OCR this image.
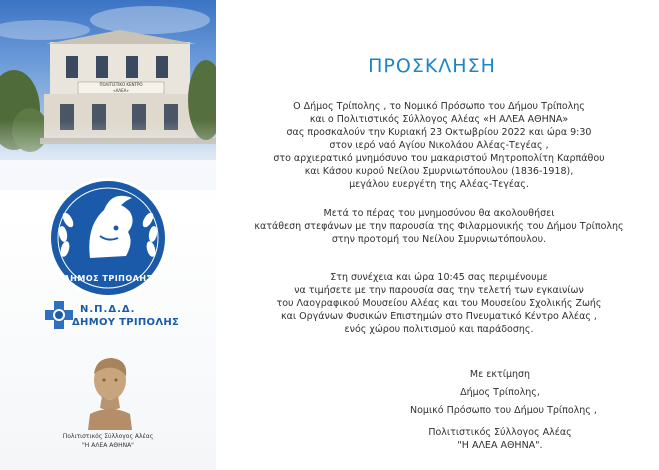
ΠΟΛΙΤΙΣΤΙΚΟ ΚΕΝΤΡΟ
«ΑΛΕΑ»
ΔΗΜΟΣ ΤΡΙΠΟΛΗΣ
Ν.Π.Δ.Δ.
ΔΗΜΟΥ ΤΡΙΠΟΛΗΣ
Πολιτιστικός Σύλλογος Αλέας
"Η ΑΛΕΑ ΑΘΗΝΑ"
ΠΡΟΣΚΛΗΣΗ
Ο Δήμος Τρίπολης , το Νομικό Πρόσωπο του Δήμου Τρίπολης
και ο Πολιτιστικός Σύλλογος Αλέας «Η ΑΛΕΑ ΑΘΗΝΑ»
σας προσκαλούν την Κυριακή 23 Οκτωβρίου 2022 και ώρα 9:30
στον ιερό ναό Αγίου Νικολάου Αλέας-Τεγέας ,
στο αρχιερατικό μνημόσυνο του μακαριστού Μητροπολίτη Καρπάθου
και Κάσου κυρού Νείλου Σμυρνιωτόπουλου (1836-1918),
μεγάλου ευεργέτη της Αλέας-Τεγέας.
Μετά το πέρας του μνημοσύνου θα ακολουθήσει
κατάθεση στεφάνων με την παρουσία της Φιλαρμονικής του Δήμου Τρίπολης
στην προτομή του Νείλου Σμυρνιωτόπουλου.
Στη συνέχεια και ώρα 10:45 σας περιμένουμε
να τιμήσετε με την παρουσία σας την τελετή των εγκαινίων
του Λαογραφικού Μουσείου Αλέας και του Μουσείου Σχολικής Ζωής
και Οργάνων Φυσικών Επιστημών στο Πνευματικό Κέντρο Αλέας ,
ενός χώρου πολιτισμού και παράδοσης.
Με εκτίμηση
Δήμος Τρίπολης,
Νομικό Πρόσωπο του Δήμου Τρίπολης ,
Πολιτιστικός Σύλλογος Αλέας
"Η ΑΛΕΑ ΑΘΗΝΑ".
